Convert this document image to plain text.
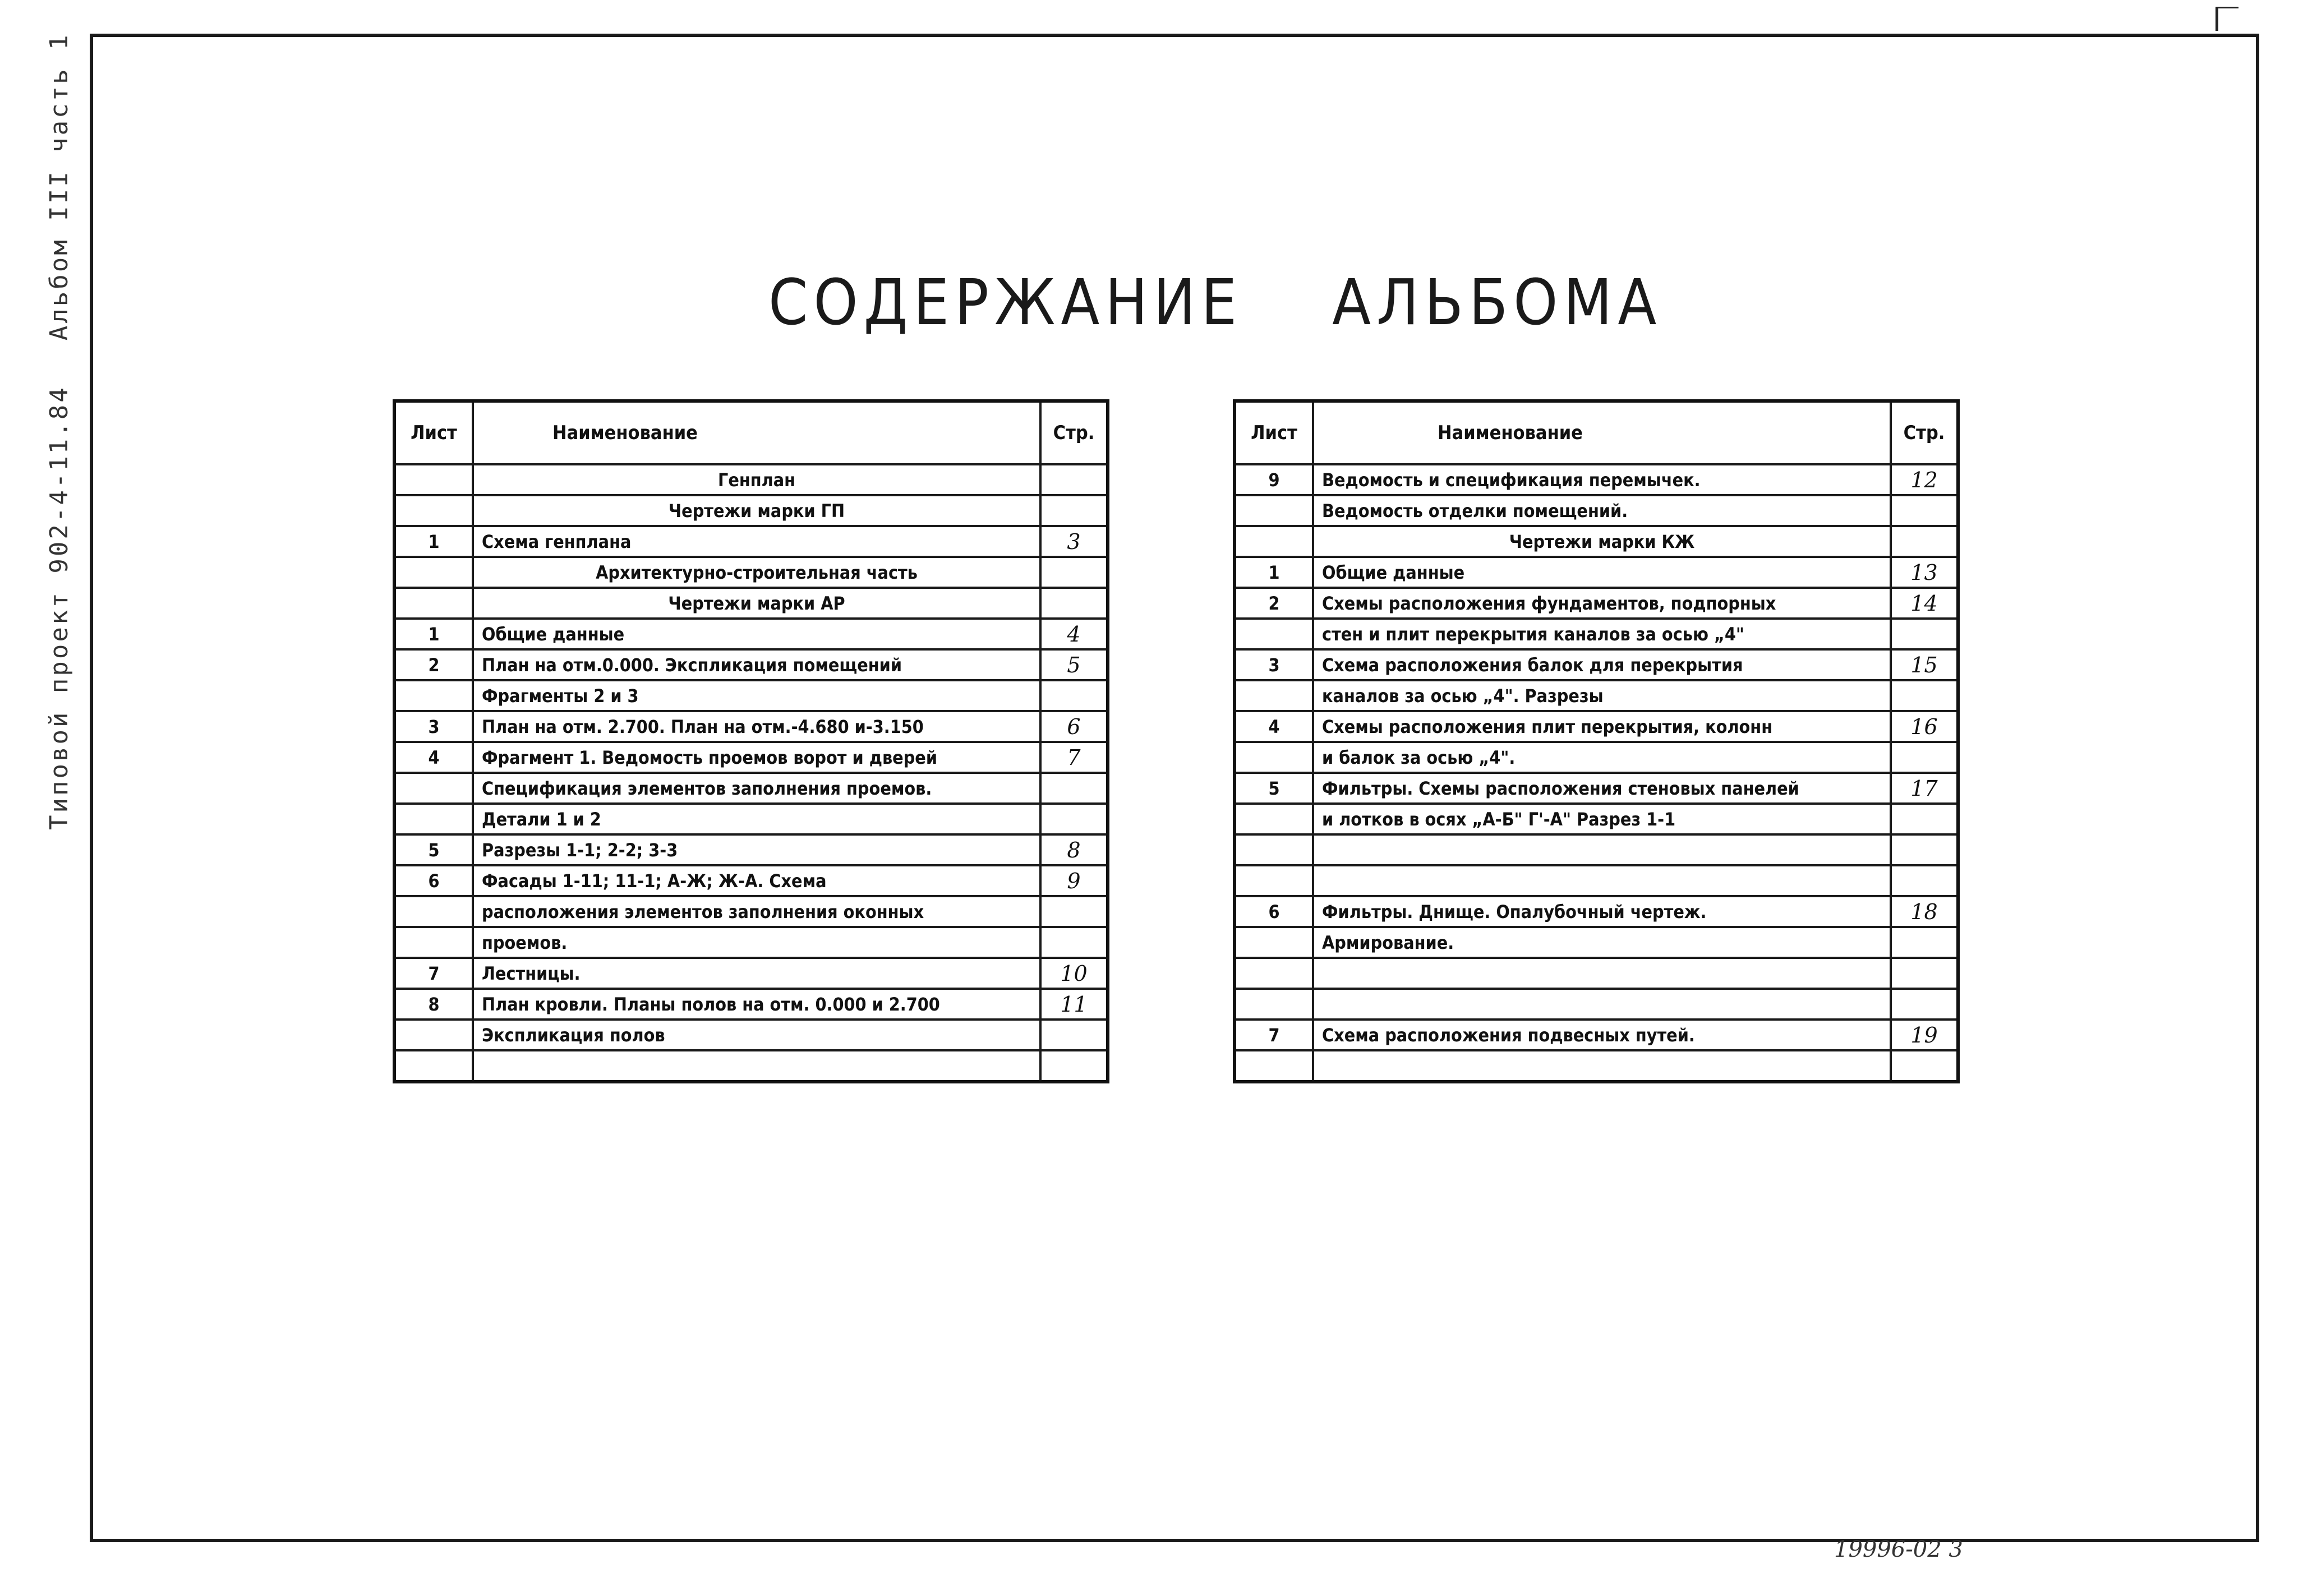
Типовой проект 902-4-11.84
Альбом III часть 1	СОДЕРЖАНИЕ АЛЬБОМА
Лист	Наименование	Стр.
	Генплан	
	Чертежи марки ГП	
1	Схема генплана	3
	Архитектурно-строительная часть	
	Чертежи марки АР	
1	Общие данные	4
2	План на отм.0.000. Экспликация помещений	5
	Фрагменты 2 и 3	
3	План на отм. 2.700. План на отм.-4.680 и-3.150	6
4	Фрагмент 1. Ведомость проемов ворот и дверей	7
	Спецификация элементов заполнения проемов.	
	Детали 1 и 2	
5	Разрезы 1-1; 2-2; 3-3	8
6	Фасады 1-11; 11-1; А-Ж; Ж-А. Схема	9
	расположения элементов заполнения оконных	
	проемов.	
7	Лестницы.	10
8	План кровли. Планы полов на отм. 0.000 и 2.700	11
	Экспликация полов	

Лист	Наименование	Стр.
9	Ведомость и спецификация перемычек.	12
	Ведомость отделки помещений.	
	Чертежи марки КЖ	
1	Общие данные	13
2	Схемы расположения фундаментов, подпорных	14
	стен и плит перекрытия каналов за осью „4"	
3	Схема расположения балок для перекрытия	15
	каналов за осью „4". Разрезы	
4	Схемы расположения плит перекрытия, колонн	16
	и балок за осью „4".	
5	Фильтры. Схемы расположения стеновых панелей	17
	и лотков в осях „А-Б" Г'-А" Разрез 1-1	

6	Фильтры. Днище. Опалубочный чертеж.	18
	Армирование.	

7	Схема расположения подвесных путей.	19

19996-02 3
